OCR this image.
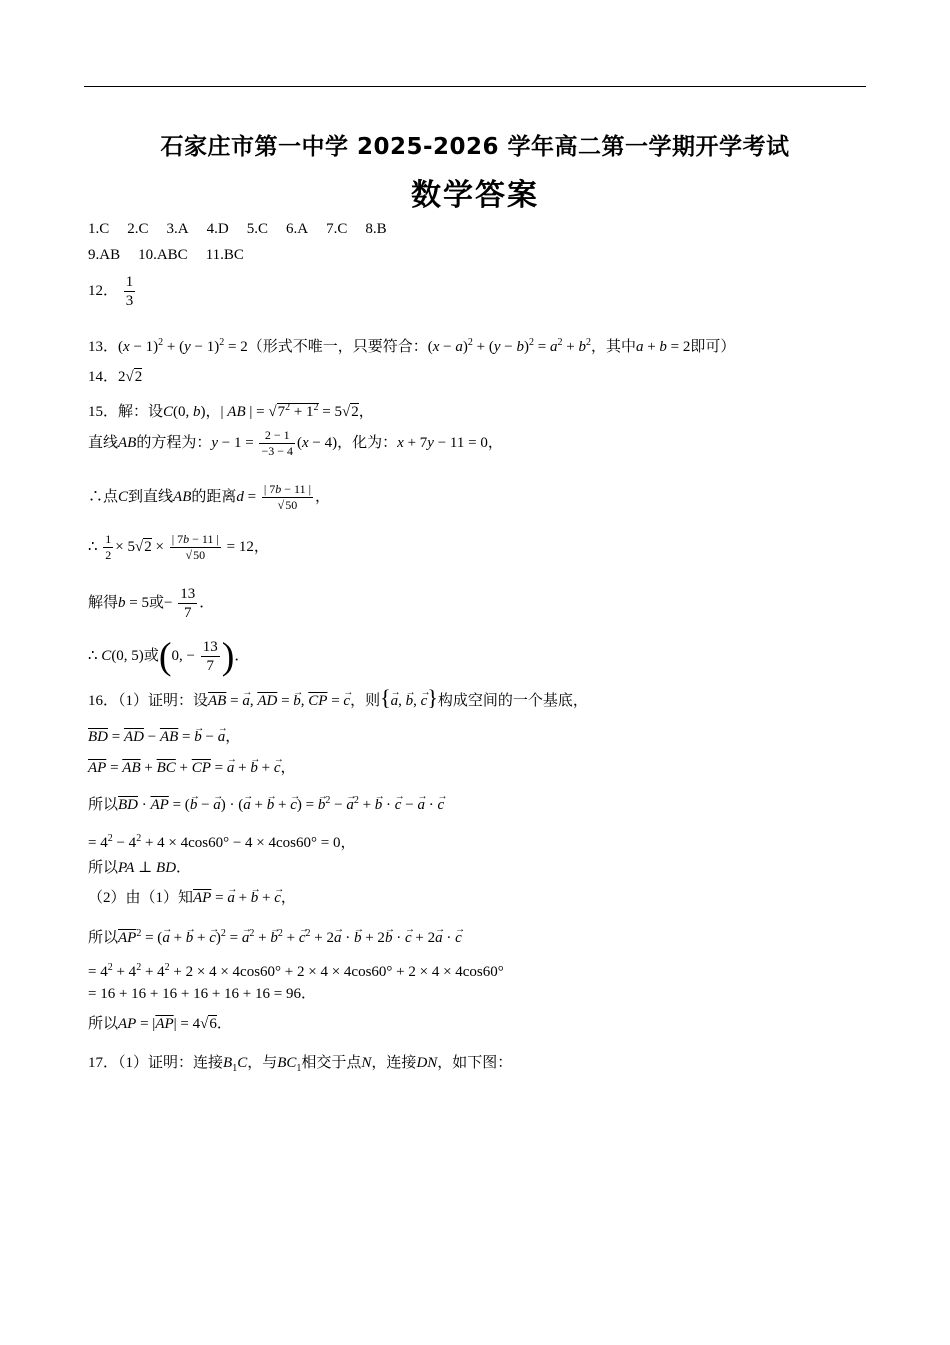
石家庄市第一中学 2025-2026 学年高二第一学期开学考试
数学答案
1.C 2.C 3.A 4.D 5.C 6.A 7.C 8.B
9.AB 10.ABC 11.BC
12． $\frac{1}{3}$
13．$(x - 1)^2 + (y - 1)^2 = 2$（形式不唯一，只要符合：$(x - a)^2 + (y - b)^2 = a^2 + b^2$，其中a + b = 2即可）
14．2√2
15．解：设C(0, b)，| AB | = $√7^2 + 1^2 = 5√2$，
直线AB的方程为：$y - 1 = \frac{2 - 1}{-3 - 4} (x - 4)$，化为：x + 7y − 11 = 0，
∴点C到直线AB的距离$d = \frac{| 7b - 11 |}{√50}$ ，
∴ $\frac{1}{2} \times 5√2 \times \frac{| 7b - 11 |}{√50} = 12$，
解得b = 5或− $\frac{13}{7}$ ．
∴ C(0, 5)或(0, − $\frac{13}{7}$ )．
16．（1）证明：设$\overline{AB}$ = → a, $\overline{AD}$ = → b, $\overline{CP}$ = → c，则{→ a, → b, → c}构成空间的一个基底，
$\overline{BD} = \overline{AD} - \overline{AB}$ = → b − → a，
$\overline{AP} = \overline{AB} + \overline{BC} + \overline{CP}$ = → a + → b + → c，
所以$\overline{BD} \cdot \overline{AP}$ = (→ b − → a) · (→ a + → b + → c) = → $b^2$ − → $a^2$ + → b · → c − → a · → c
= $4^2 - 4^2 + 4 \times 4\cos 60^\circ - 4 \times 4\cos 60^\circ = 0$，
所以PA ⊥ BD．
（2）由（1）知$\overline{AP}$ = → a + → b + → c，
所以$\overline{AP}^2$ = (→ a + → b + → c)$^2$ = → $a^2$ + → $b^2$ + → $c^2 + 2\to a$ · → b + 2→ b · → c + 2→ a · → c
= $4^2 + 4^2 + 4^2 + 2 \times 4 \times 4\cos 60^\circ + 2 \times 4 \times 4\cos 60^\circ + 2 \times 4 \times 4\cos 60^\circ$
= 16 + 16 + 16 + 16 + 16 + 16 = 96．
所以AP = $|\overline{AP}| = 4√6$．
17．（1）证明：连接$B_1C$，与$BC_1$相交于点N，连接DN，如下图：
